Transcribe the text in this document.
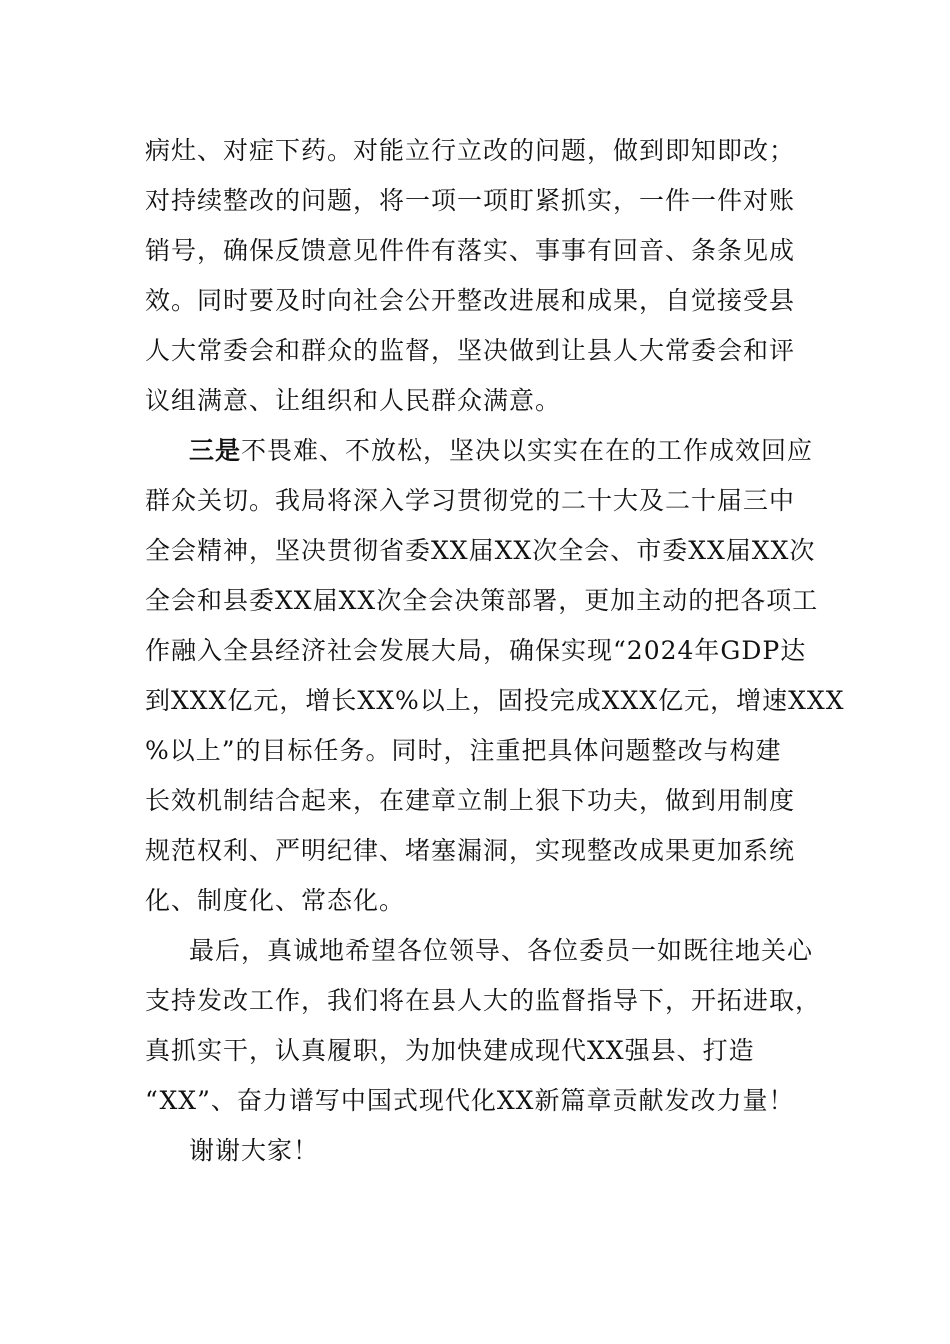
病灶、对症下药。对能立行立改的问题，做到即知即改；
对持续整改的问题，将一项一项盯紧抓实，一件一件对账
销号，确保反馈意见件件有落实、事事有回音、条条见成
效。同时要及时向社会公开整改进展和成果，自觉接受县
人大常委会和群众的监督，坚决做到让县人大常委会和评
议组满意、让组织和人民群众满意。
三是不畏难、不放松，坚决以实实在在的工作成效回应
群众关切。我局将深入学习贯彻党的二十大及二十届三中
全会精神，坚决贯彻省委XX届XX次全会、市委XX届XX次
全会和县委XX届XX次全会决策部署，更加主动的把各项工
作融入全县经济社会发展大局，确保实现“2024年GDP达
到XXX亿元，增长XX%以上，固投完成XXX亿元，增速XXX
%以上”的目标任务。同时，注重把具体问题整改与构建
长效机制结合起来，在建章立制上狠下功夫，做到用制度
规范权利、严明纪律、堵塞漏洞，实现整改成果更加系统
化、制度化、常态化。
最后，真诚地希望各位领导、各位委员一如既往地关心
支持发改工作，我们将在县人大的监督指导下，开拓进取，
真抓实干，认真履职，为加快建成现代XX强县、打造
“XX”、奋力谱写中国式现代化XX新篇章贡献发改力量！
谢谢大家！
